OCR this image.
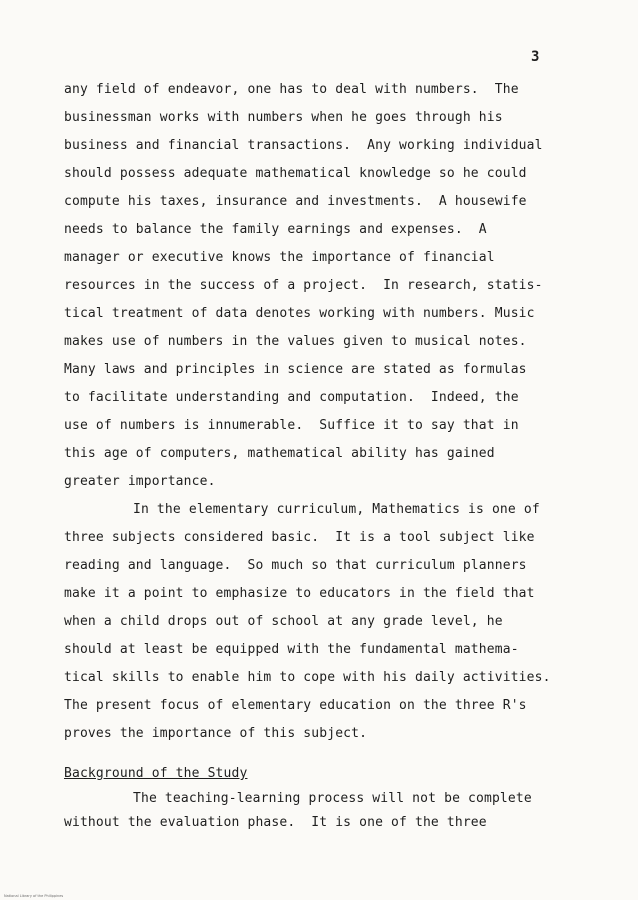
3
any field of endeavor, one has to deal with numbers.  The
businessman works with numbers when he goes through his
business and financial transactions.  Any working individual
should possess adequate mathematical knowledge so he could
compute his taxes, insurance and investments.  A housewife
needs to balance the family earnings and expenses.  A
manager or executive knows the importance of financial
resources in the success of a project.  In research, statis-
tical treatment of data denotes working with numbers. Music
makes use of numbers in the values given to musical notes.
Many laws and principles in science are stated as formulas
to facilitate understanding and computation.  Indeed, the
use of numbers is innumerable.  Suffice it to say that in
this age of computers, mathematical ability has gained
greater importance.
In the elementary curriculum, Mathematics is one of
three subjects considered basic.  It is a tool subject like
reading and language.  So much so that curriculum planners
make it a point to emphasize to educators in the field that
when a child drops out of school at any grade level, he
should at least be equipped with the fundamental mathema-
tical skills to enable him to cope with his daily activities.
The present focus of elementary education on the three R's
proves the importance of this subject.
Background of the Study
The teaching-learning process will not be complete
without the evaluation phase.  It is one of the three
National Library of the Philippines
